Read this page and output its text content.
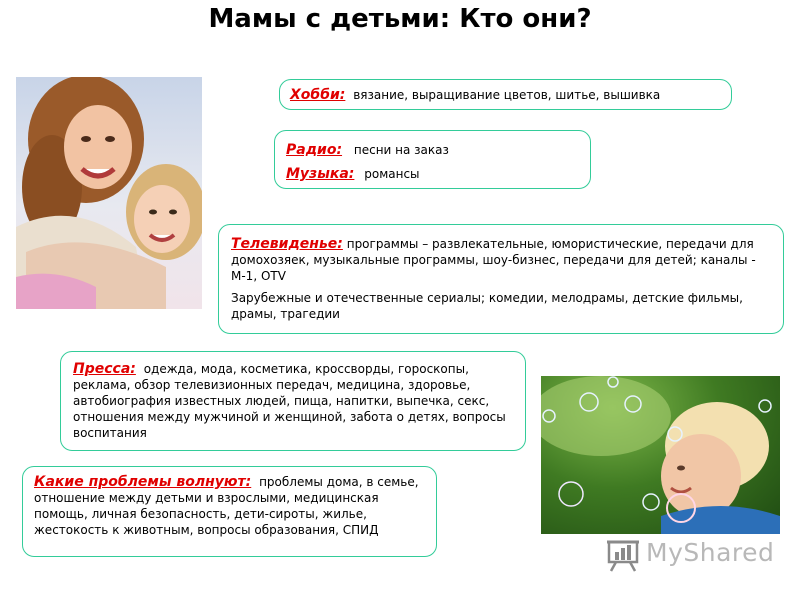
Мамы с детьми: Кто они?
Хобби: вязание, выращивание цветов, шитье, вышивка
Радио: песни на заказ
Музыка: романсы
Телевиденье: программы – развлекательные, юмористические, передачи для домохозяек, музыкальные программы, шоу-бизнес, передачи для детей; каналы - М-1, OTV
Зарубежные и отечественные сериалы; комедии, мелодрамы, детские фильмы, драмы, трагедии
Пресса: одежда, мода, косметика, кроссворды, гороскопы, реклама, обзор телевизионных передач, медицина, здоровье, автобиография известных людей, пища, напитки, выпечка, секс, отношения между мужчиной и женщиной, забота о детях, вопросы воспитания
Какие проблемы волнуют: проблемы дома, в семье, отношение между детьми и взрослыми, медицинская помощь, личная безопасность, дети-сироты, жилье, жестокость к животным, вопросы образования, СПИД
MyShared
